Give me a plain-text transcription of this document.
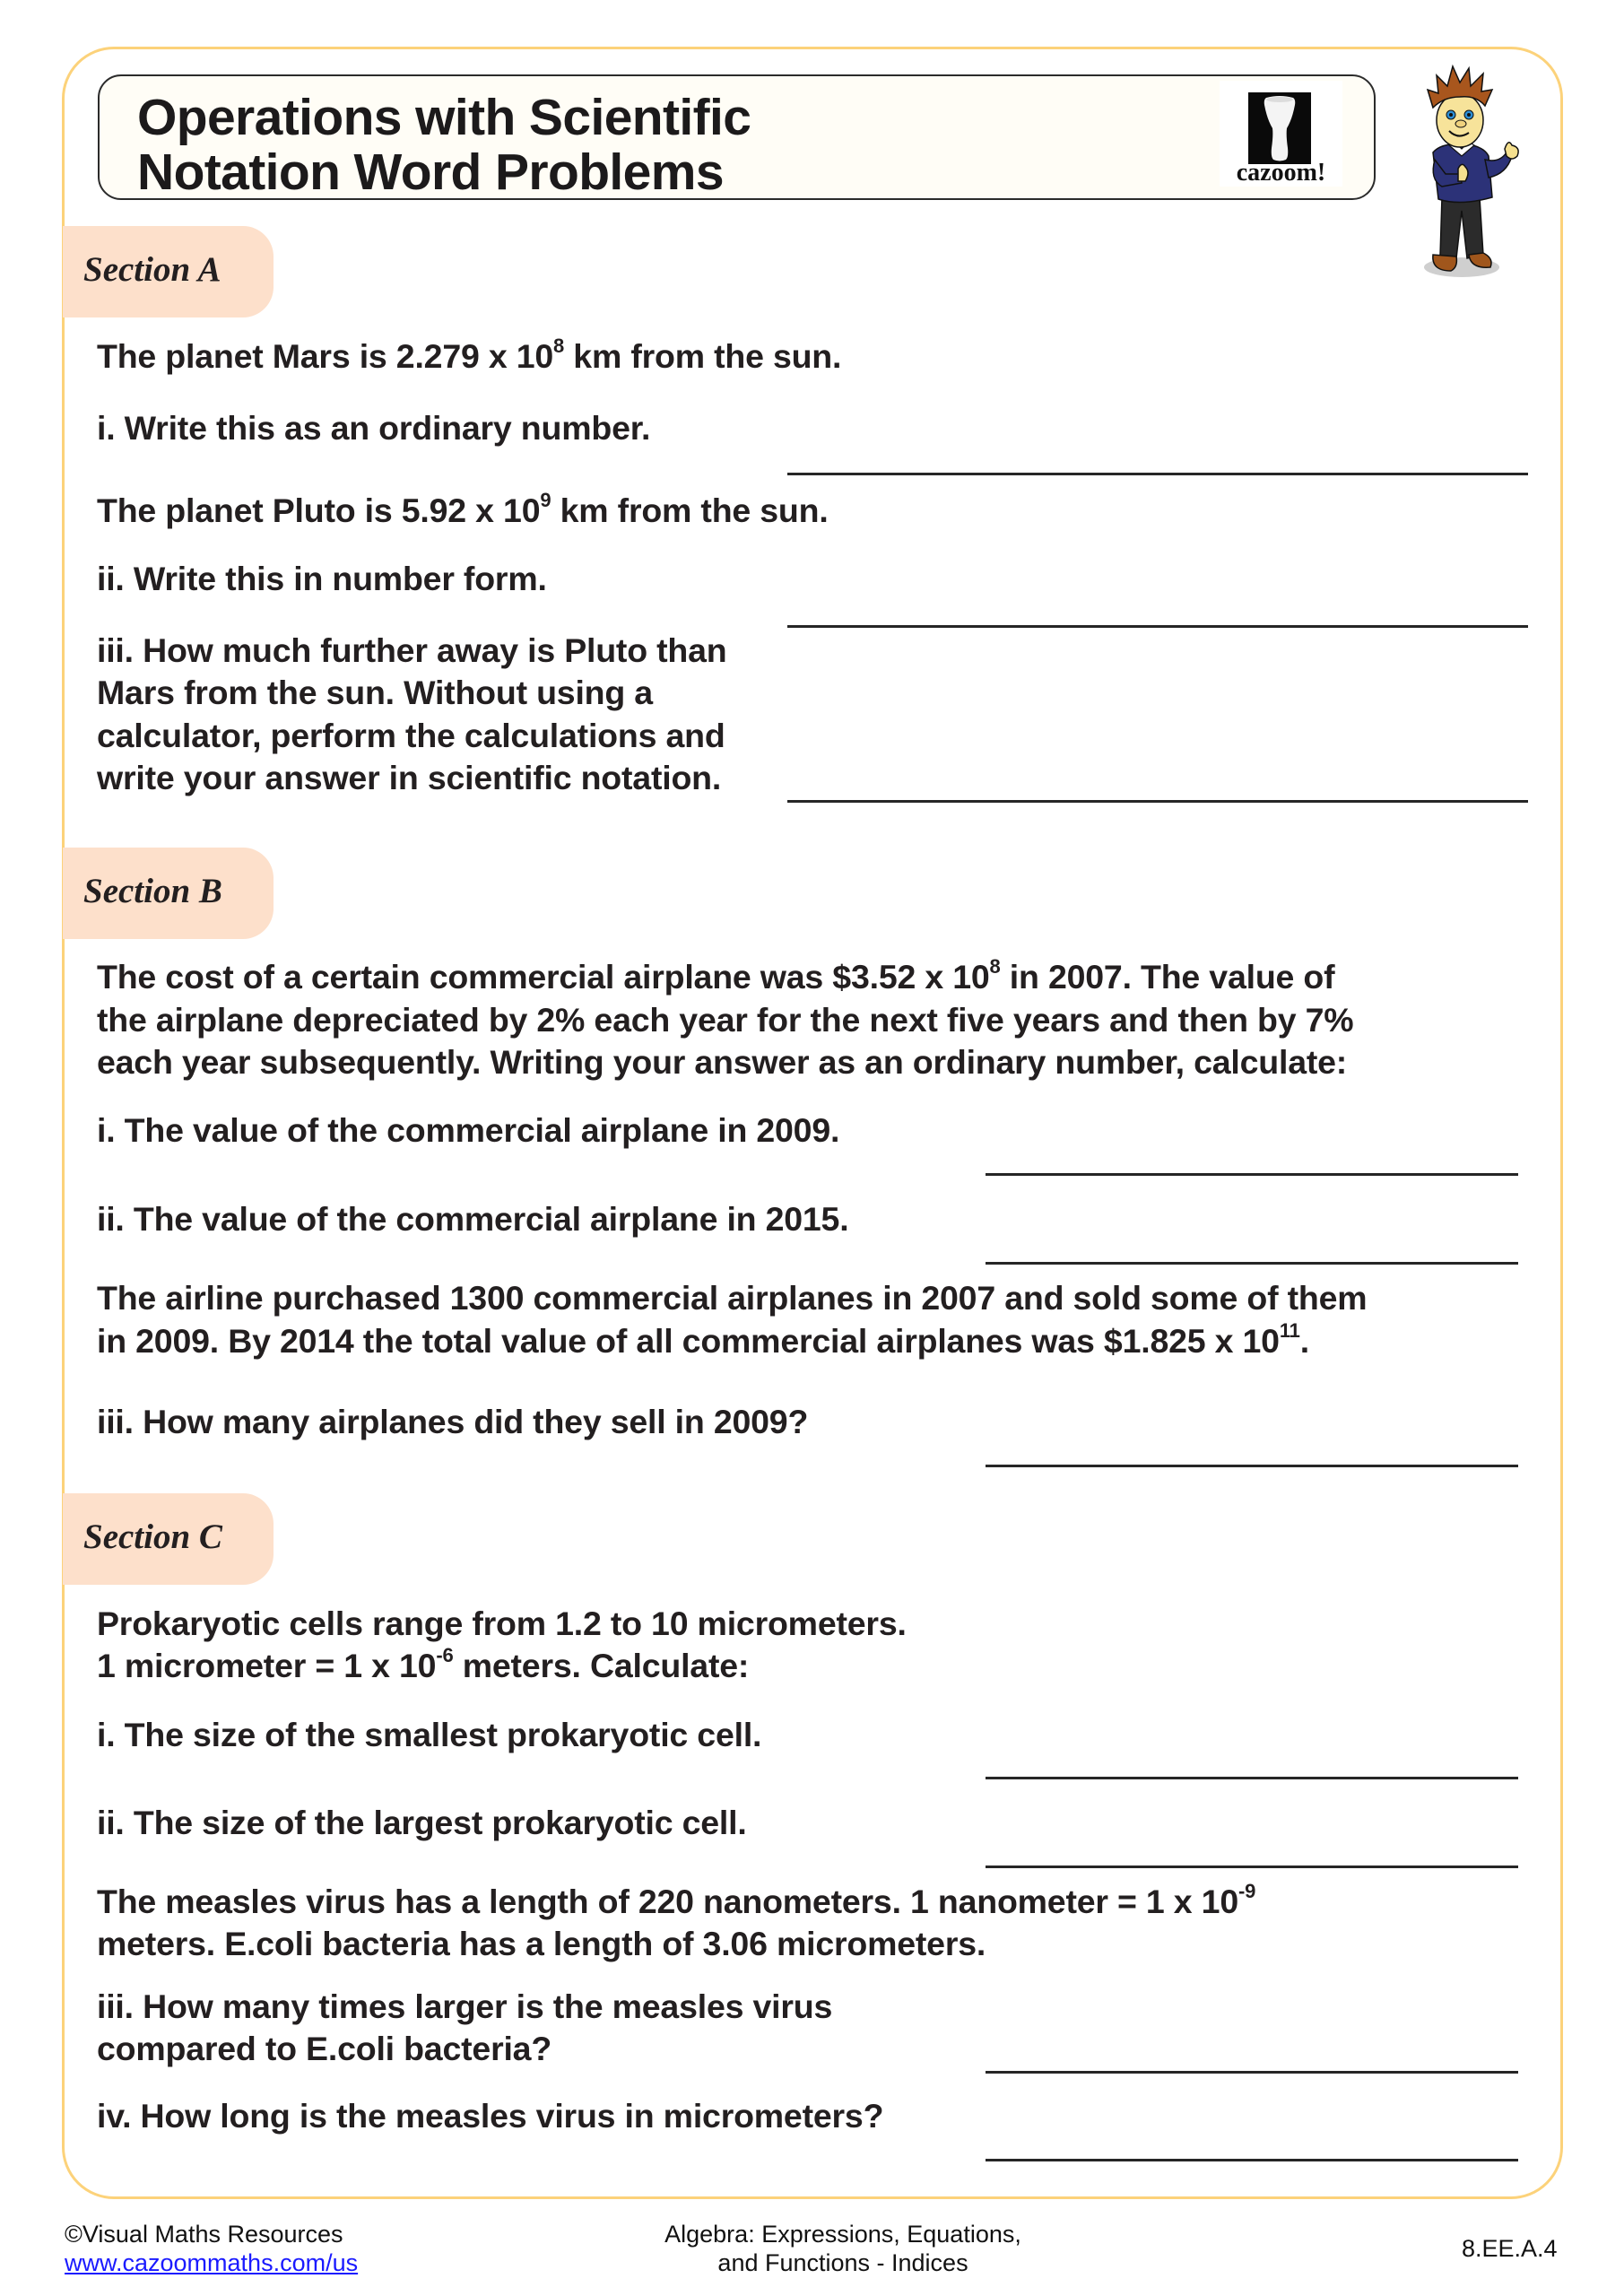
Operations with Scientific
Notation Word Problems	cazoom!
Section A
The planet Mars is 2.279 x $10^8$ km from the sun.
i. Write this as an ordinary number.
The planet Pluto is 5.92 x $10^9$ km from the sun.
ii. Write this in number form.
iii. How much further away is Pluto than
Mars from the sun. Without using a
calculator, perform the calculations and
write your answer in scientific notation.
Section B
The cost of a certain commercial airplane was $3.52 x $10^8$ in 2007. The value of
the airplane depreciated by 2% each year for the next five years and then by 7%
each year subsequently. Writing your answer as an ordinary number, calculate:
i. The value of the commercial airplane in 2009.
ii. The value of the commercial airplane in 2015.
The airline purchased 1300 commercial airplanes in 2007 and sold some of them
in 2009. By 2014 the total value of all commercial airplanes was $1.825 x $10^{11}$.
iii. How many airplanes did they sell in 2009?
Section C
Prokaryotic cells range from 1.2 to 10 micrometers.
1 micrometer = 1 x $10^{-6}$ meters. Calculate:
i. The size of the smallest prokaryotic cell.
ii. The size of the largest prokaryotic cell.
The measles virus has a length of 220 nanometers. 1 nanometer = 1 x $10^{-9}$
meters. E.coli bacteria has a length of 3.06 micrometers.
iii. How many times larger is the measles virus
compared to E.coli bacteria?
iv. How long is the measles virus in micrometers?
©Visual Maths Resources
www.cazoommaths.com/us
Algebra: Expressions, Equations,
and Functions - Indices
8.EE.A.4
